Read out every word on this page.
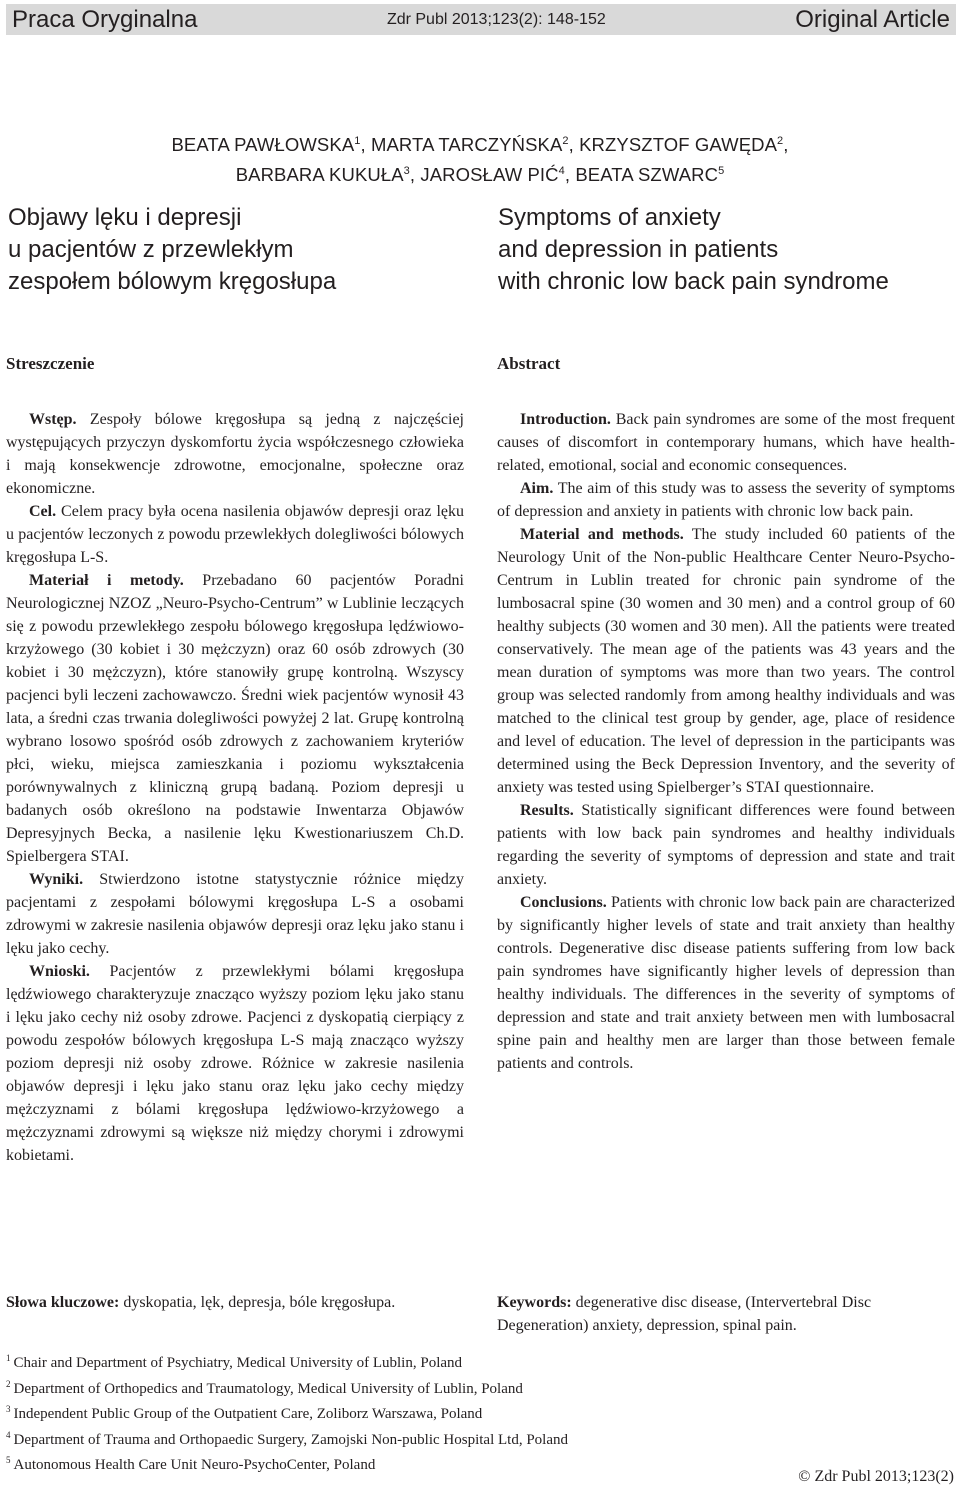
Praca Oryginalna	Zdr Publ 2013;123(2): 148-152	Original Article
BEATA PAWŁOWSKA$^1$, MARTA TARCZYŃSKA$^2$, KRZYSZTOF GAWĘDA$^2$,
BARBARA KUKUŁA$^3$, JAROSŁAW PIĆ$^4$, BEATA SZWARC$^5$
Objawy lęku i depresji
u pacjentów z przewlekłym
zespołem bólowym kręgosłupa
Symptoms of anxiety
and depression in patients
with chronic low back pain syndrome
Streszczenie	Abstract

Wstęp. Zespoły bólowe kręgosłupa są jedną z najczęściej występujących przyczyn dyskomfortu życia współczesnego człowieka i mają konsekwencje zdrowotne, emocjonalne, społeczne oraz ekonomiczne.

Cel. Celem pracy była ocena nasilenia objawów depresji oraz lęku u pacjentów leczonych z powodu przewlekłych dolegliwości bólowych kręgosłupa L-S.

Materiał i metody. Przebadano 60 pacjentów Poradni Neurologicznej NZOZ „Neuro-Psycho-Centrum” w Lublinie leczących się z powodu przewlekłego zespołu bólowego kręgosłupa lędźwiowo-krzyżowego (30 kobiet i 30 mężczyzn) oraz 60 osób zdrowych (30 kobiet i 30 mężczyzn), które stanowiły grupę kontrolną. Wszyscy pacjenci byli leczeni zachowawczo. Średni wiek pacjentów wynosił 43 lata, a średni czas trwania dolegliwości powyżej 2 lat. Grupę kontrolną wybrano losowo spośród osób zdrowych z zachowaniem kryteriów płci, wieku, miejsca zamieszkania i poziomu wykształcenia porównywalnych z kliniczną grupą badaną. Poziom depresji u badanych osób określono na podstawie Inwentarza Objawów Depresyjnych Becka, a nasilenie lęku Kwestionariuszem Ch.D. Spielbergera STAI.

Wyniki. Stwierdzono istotne statystycznie różnice między pacjentami z zespołami bólowymi kręgosłupa L-S a osobami zdrowymi w zakresie nasilenia objawów depresji oraz lęku jako stanu i lęku jako cechy.

Wnioski. Pacjentów z przewlekłymi bólami kręgosłupa lędźwiowego charakteryzuje znacząco wyższy poziom lęku jako stanu i lęku jako cechy niż osoby zdrowe. Pacjenci z dyskopatią cierpiący z powodu zespołów bólowych kręgosłupa L-S mają znacząco wyższy poziom depresji niż osoby zdrowe. Różnice w zakresie nasilenia objawów depresji i lęku jako stanu oraz lęku jako cechy między mężczyznami z bólami kręgosłupa lędźwiowo-krzyżowego a mężczyznami zdrowymi są większe niż między chorymi i zdrowymi kobietami.

Introduction. Back pain syndromes are some of the most frequent causes of discomfort in contemporary humans, which have health-related, emotional, social and economic consequences.

Aim. The aim of this study was to assess the severity of symptoms of depression and anxiety in patients with chronic low back pain.

Material and methods. The study included 60 patients of the Neurology Unit of the Non-public Healthcare Center Neuro-Psycho-Centrum in Lublin treated for chronic pain syndrome of the lumbosacral spine (30 women and 30 men) and a control group of 60 healthy subjects (30 women and 30 men). All the patients were treated conservatively. The mean age of the patients was 43 years and the mean duration of symptoms was more than two years. The control group was selected randomly from among healthy individuals and was matched to the clinical test group by gender, age, place of residence and level of education. The level of depression in the participants was determined using the Beck Depression Inventory, and the severity of anxiety was tested using Spielberger’s STAI questionnaire.

Results. Statistically significant differences were found between patients with low back pain syndromes and healthy individuals regarding the severity of symptoms of depression and state and trait anxiety.

Conclusions. Patients with chronic low back pain are characterized by significantly higher levels of state and trait anxiety than healthy controls. Degenerative disc disease patients suffering from low back pain syndromes have significantly higher levels of depression than healthy individuals. The differences in the severity of symptoms of depression and state and trait anxiety between men with lumbosacral spine pain and healthy men are larger than those between female patients and controls.

Słowa kluczowe: dyskopatia, lęk, depresja, bóle kręgosłupa.	Keywords: degenerative disc disease, (Intervertebral Disc Degeneration) anxiety, depression, spinal pain.
$^1$ Chair and Department of Psychiatry, Medical University of Lublin, Poland
$^2$ Department of Orthopedics and Traumatology, Medical University of Lublin, Poland
$^3$ Independent Public Group of the Outpatient Care, Zoliborz Warszawa, Poland
$^4$ Department of Trauma and Orthopaedic Surgery, Zamojski Non-public Hospital Ltd, Poland
$^5$ Autonomous Health Care Unit Neuro-PsychoCenter, Poland
© Zdr Publ 2013;123(2)
